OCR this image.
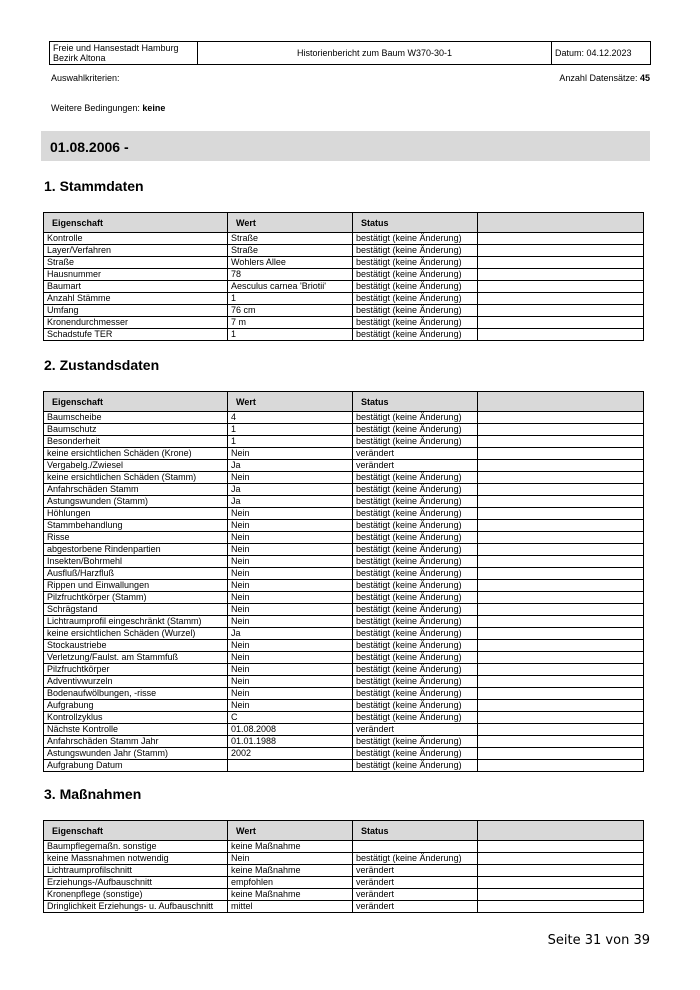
Freie und Hansestadt Hamburg
Bezirk Altona	Historienbericht zum Baum W370-30-1	Datum: 04.12.2023
Auswahlkriterien:	Anzahl Datensätze: 45
Weitere Bedingungen: keine
01.08.2006 -
1. Stammdaten
Eigenschaft	Wert	Status	
Kontrolle	Straße	bestätigt (keine Änderung)	
Layer/Verfahren	Straße	bestätigt (keine Änderung)	
Straße	Wohlers Allee	bestätigt (keine Änderung)	
Hausnummer	78	bestätigt (keine Änderung)	
Baumart	Aesculus carnea 'Briotii'	bestätigt (keine Änderung)	
Anzahl Stämme	1	bestätigt (keine Änderung)	
Umfang	76 cm	bestätigt (keine Änderung)	
Kronendurchmesser	7 m	bestätigt (keine Änderung)	
Schadstufe TER	1	bestätigt (keine Änderung)	
2. Zustandsdaten
Eigenschaft	Wert	Status	
Baumscheibe	4	bestätigt (keine Änderung)	
Baumschutz	1	bestätigt (keine Änderung)	
Besonderheit	1	bestätigt (keine Änderung)	
keine ersichtlichen Schäden (Krone)	Nein	verändert	
Vergabelg./Zwiesel	Ja	verändert	
keine ersichtlichen Schäden (Stamm)	Nein	bestätigt (keine Änderung)	
Anfahrschäden Stamm	Ja	bestätigt (keine Änderung)	
Astungswunden (Stamm)	Ja	bestätigt (keine Änderung)	
Höhlungen	Nein	bestätigt (keine Änderung)	
Stammbehandlung	Nein	bestätigt (keine Änderung)	
Risse	Nein	bestätigt (keine Änderung)	
abgestorbene Rindenpartien	Nein	bestätigt (keine Änderung)	
Insekten/Bohrmehl	Nein	bestätigt (keine Änderung)	
Ausfluß/Harzfluß	Nein	bestätigt (keine Änderung)	
Rippen und Einwallungen	Nein	bestätigt (keine Änderung)	
Pilzfruchtkörper (Stamm)	Nein	bestätigt (keine Änderung)	
Schrägstand	Nein	bestätigt (keine Änderung)	
Lichtraumprofil eingeschränkt (Stamm)	Nein	bestätigt (keine Änderung)	
keine ersichtlichen Schäden (Wurzel)	Ja	bestätigt (keine Änderung)	
Stockaustriebe	Nein	bestätigt (keine Änderung)	
Verletzung/Faulst. am Stammfuß	Nein	bestätigt (keine Änderung)	
Pilzfruchtkörper	Nein	bestätigt (keine Änderung)	
Adventivwurzeln	Nein	bestätigt (keine Änderung)	
Bodenaufwölbungen, -risse	Nein	bestätigt (keine Änderung)	
Aufgrabung	Nein	bestätigt (keine Änderung)	
Kontrollzyklus	C	bestätigt (keine Änderung)	
Nächste Kontrolle	01.08.2008	verändert	
Anfahrschäden Stamm Jahr	01.01.1988	bestätigt (keine Änderung)	
Astungswunden Jahr (Stamm)	2002	bestätigt (keine Änderung)	
Aufgrabung Datum		bestätigt (keine Änderung)	
3. Maßnahmen
Eigenschaft	Wert	Status	
Baumpflegemaßn. sonstige	keine Maßnahme		
keine Massnahmen notwendig	Nein	bestätigt (keine Änderung)	
Lichtraumprofilschnitt	keine Maßnahme	verändert	
Erziehungs-/Aufbauschnitt	empfohlen	verändert	
Kronenpflege (sonstige)	keine Maßnahme	verändert	
Dringlichkeit Erziehungs- u. Aufbauschnitt	mittel	verändert	
Seite 31 von 39
